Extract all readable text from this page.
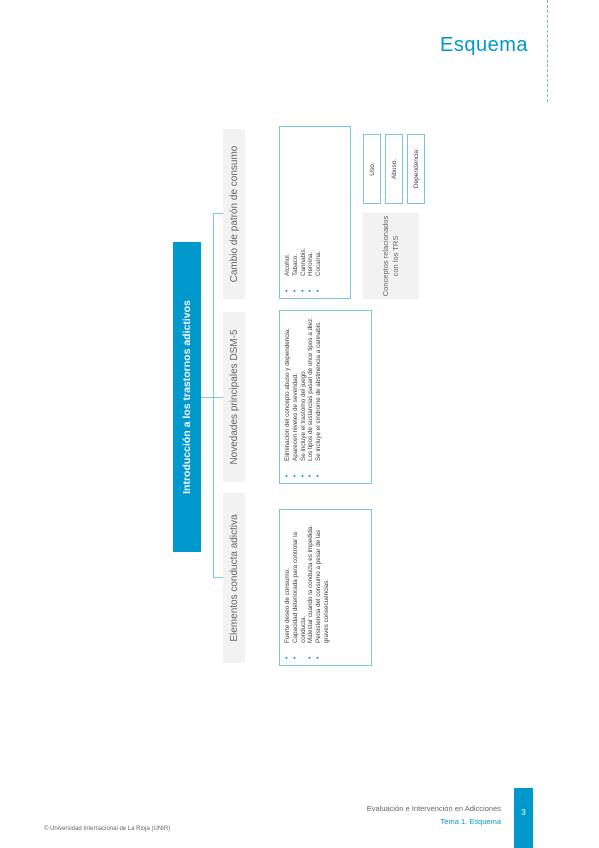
Esquema
Introducción a los trastornos adictivos
Elementos conducta adictiva
Novedades principales DSM-5
Cambio de patrón de consumo
• Fuerte deseo de consumo. • Capacidad deteriorada para controlar la conducta. • Malestar cuando la conducta es impedida. • Persistencia del consumo a pesar de las graves consecuencias.
• Eliminación del concepto abuso y dependencia. • Aparecen niveles de severidad. • Se incluye el trastorno del juego. • Los tipos de sustancias pasan de once tipos a diez. • Se incluye el síndrome de abstinencia a cannabis.
• Alcohol. • Tabaco. • Cannabis. • Heroína. • Cocaína.	Conceptos relacionados con los TRS
Uso.	Abuso.	Dependencia
Evaluación e Intervención en Adicciones
Tema 1. Esquema
3
© Universidad Internacional de La Rioja (UNIR)
